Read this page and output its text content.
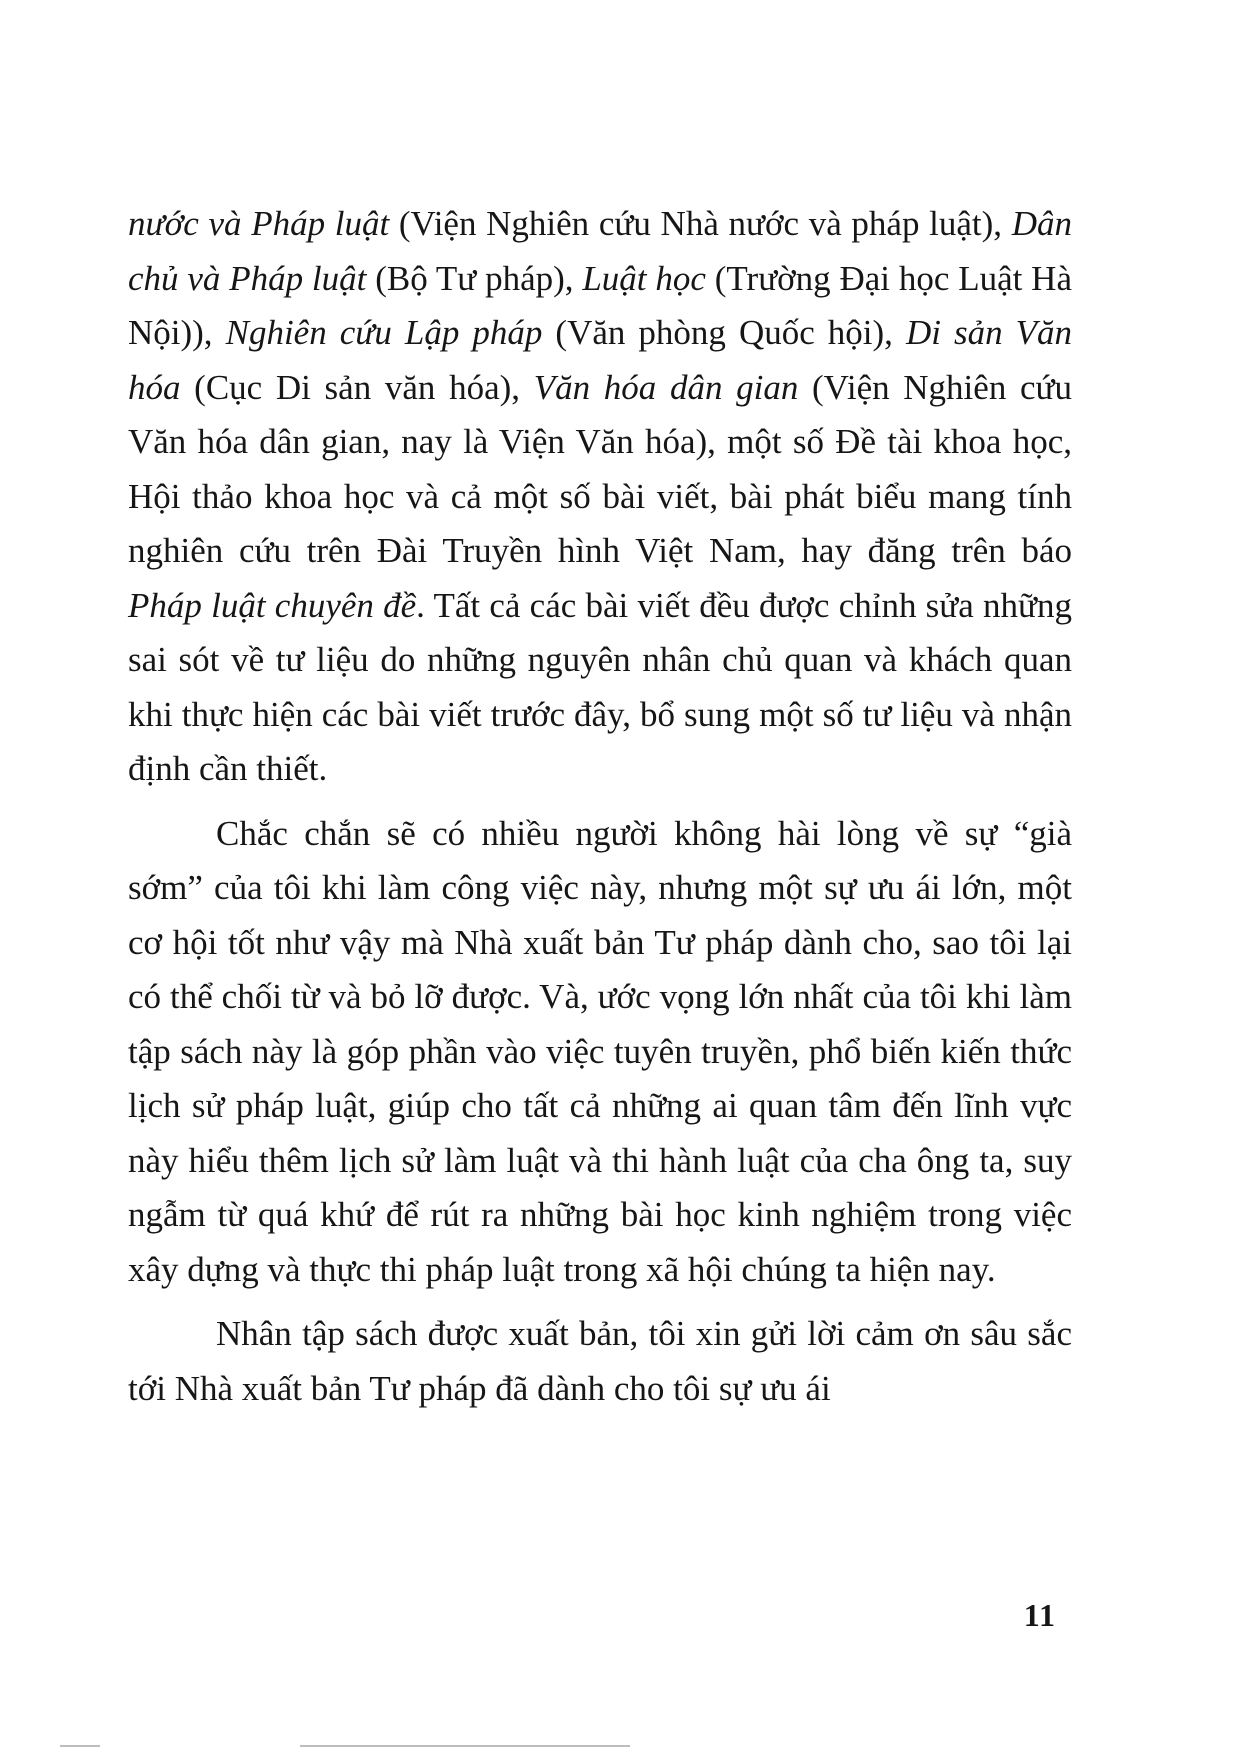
nước và Pháp luật (Viện Nghiên cứu Nhà nước và pháp luật), Dân chủ và Pháp luật (Bộ Tư pháp), Luật học (Trường Đại học Luật Hà Nội)), Nghiên cứu Lập pháp (Văn phòng Quốc hội), Di sản Văn hóa (Cục Di sản văn hóa), Văn hóa dân gian (Viện Nghiên cứu Văn hóa dân gian, nay là Viện Văn hóa), một số Đề tài khoa học, Hội thảo khoa học và cả một số bài viết, bài phát biểu mang tính nghiên cứu trên Đài Truyền hình Việt Nam, hay đăng trên báo Pháp luật chuyên đề. Tất cả các bài viết đều được chỉnh sửa những sai sót về tư liệu do những nguyên nhân chủ quan và khách quan khi thực hiện các bài viết trước đây, bổ sung một số tư liệu và nhận định cần thiết.

Chắc chắn sẽ có nhiều người không hài lòng về sự “già sớm” của tôi khi làm công việc này, nhưng một sự ưu ái lớn, một cơ hội tốt như vậy mà Nhà xuất bản Tư pháp dành cho, sao tôi lại có thể chối từ và bỏ lỡ được. Và, ước vọng lớn nhất của tôi khi làm tập sách này là góp phần vào việc tuyên truyền, phổ biến kiến thức lịch sử pháp luật, giúp cho tất cả những ai quan tâm đến lĩnh vực này hiểu thêm lịch sử làm luật và thi hành luật của cha ông ta, suy ngẫm từ quá khứ để rút ra những bài học kinh nghiệm trong việc xây dựng và thực thi pháp luật trong xã hội chúng ta hiện nay.

Nhân tập sách được xuất bản, tôi xin gửi lời cảm ơn sâu sắc tới Nhà xuất bản Tư pháp đã dành cho tôi sự ưu ái

11
